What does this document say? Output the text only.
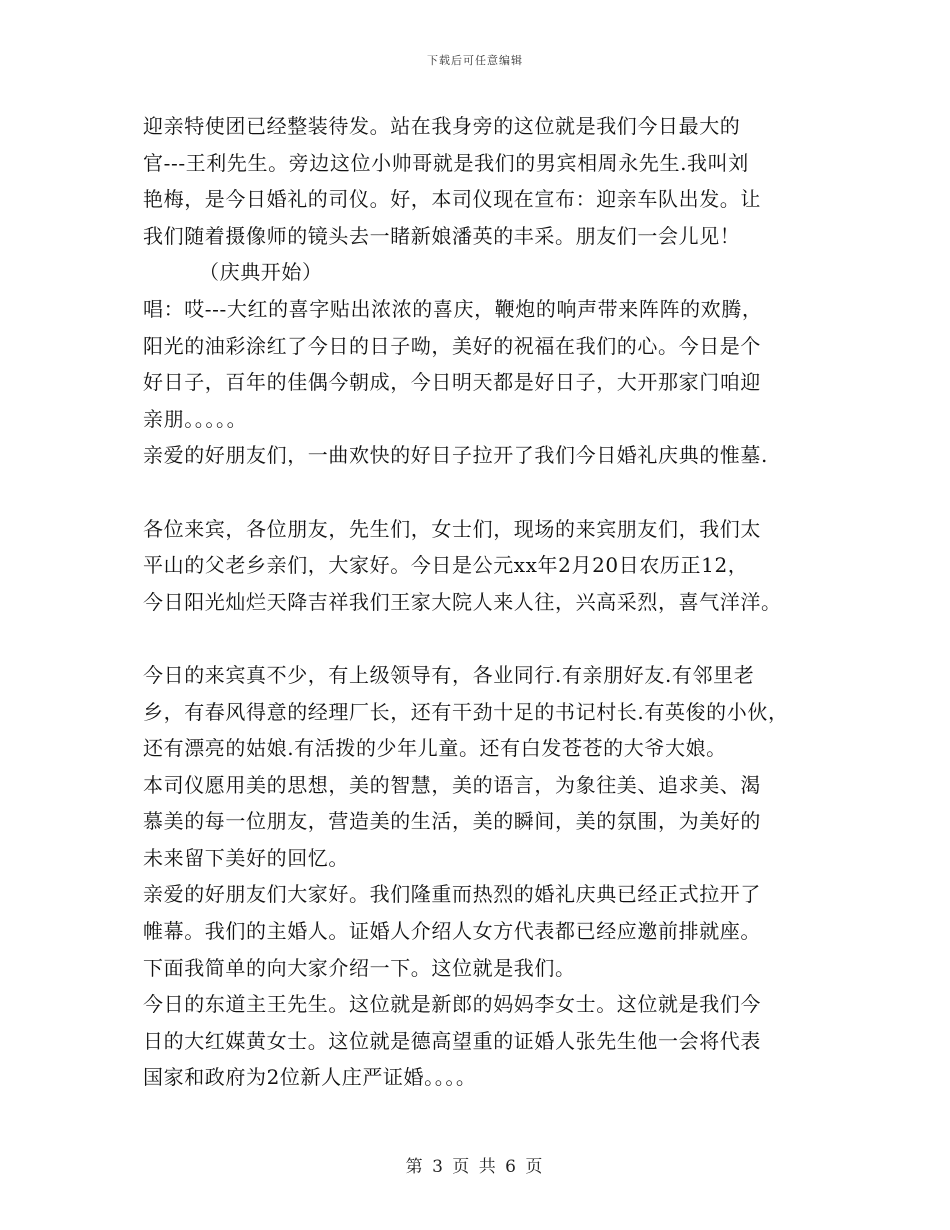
下载后可任意编辑
迎亲特使团已经整装待发。站在我身旁的这位就是我们今日最大的
官---王利先生。旁边这位小帅哥就是我们的男宾相周永先生.我叫刘
艳梅，是今日婚礼的司仪。好，本司仪现在宣布：迎亲车队出发。让
我们随着摄像师的镜头去一睹新娘潘英的丰采。朋友们一会儿见！
（庆典开始）
唱：哎---大红的喜字贴出浓浓的喜庆，鞭炮的响声带来阵阵的欢腾，
阳光的油彩涂红了今日的日子呦，美好的祝福在我们的心。今日是个
好日子，百年的佳偶今朝成，今日明天都是好日子，大开那家门咱迎
亲朋。。。。。
亲爱的好朋友们，一曲欢快的好日子拉开了我们今日婚礼庆典的惟墓.
各位来宾，各位朋友，先生们，女士们，现场的来宾朋友们，我们太
平山的父老乡亲们，大家好。今日是公元xx年2月20日农历正12，
今日阳光灿烂天降吉祥我们王家大院人来人往，兴高采烈，喜气洋洋。
今日的来宾真不少，有上级领导有，各业同行.有亲朋好友.有邻里老
乡，有春风得意的经理厂长，还有干劲十足的书记村长.有英俊的小伙，
还有漂亮的姑娘.有活拨的少年儿童。还有白发苍苍的大爷大娘。
本司仪愿用美的思想，美的智慧，美的语言，为象往美、追求美、渴
慕美的每一位朋友，营造美的生活，美的瞬间，美的氛围，为美好的
未来留下美好的回忆。
亲爱的好朋友们大家好。我们隆重而热烈的婚礼庆典已经正式拉开了
帷幕。我们的主婚人。证婚人介绍人女方代表都已经应邀前排就座。
下面我简单的向大家介绍一下。这位就是我们。
今日的东道主王先生。这位就是新郎的妈妈李女士。这位就是我们今
日的大红媒黄女士。这位就是德高望重的证婚人张先生他一会将代表
国家和政府为2位新人庄严证婚。。。。
第 3 页 共 6 页
